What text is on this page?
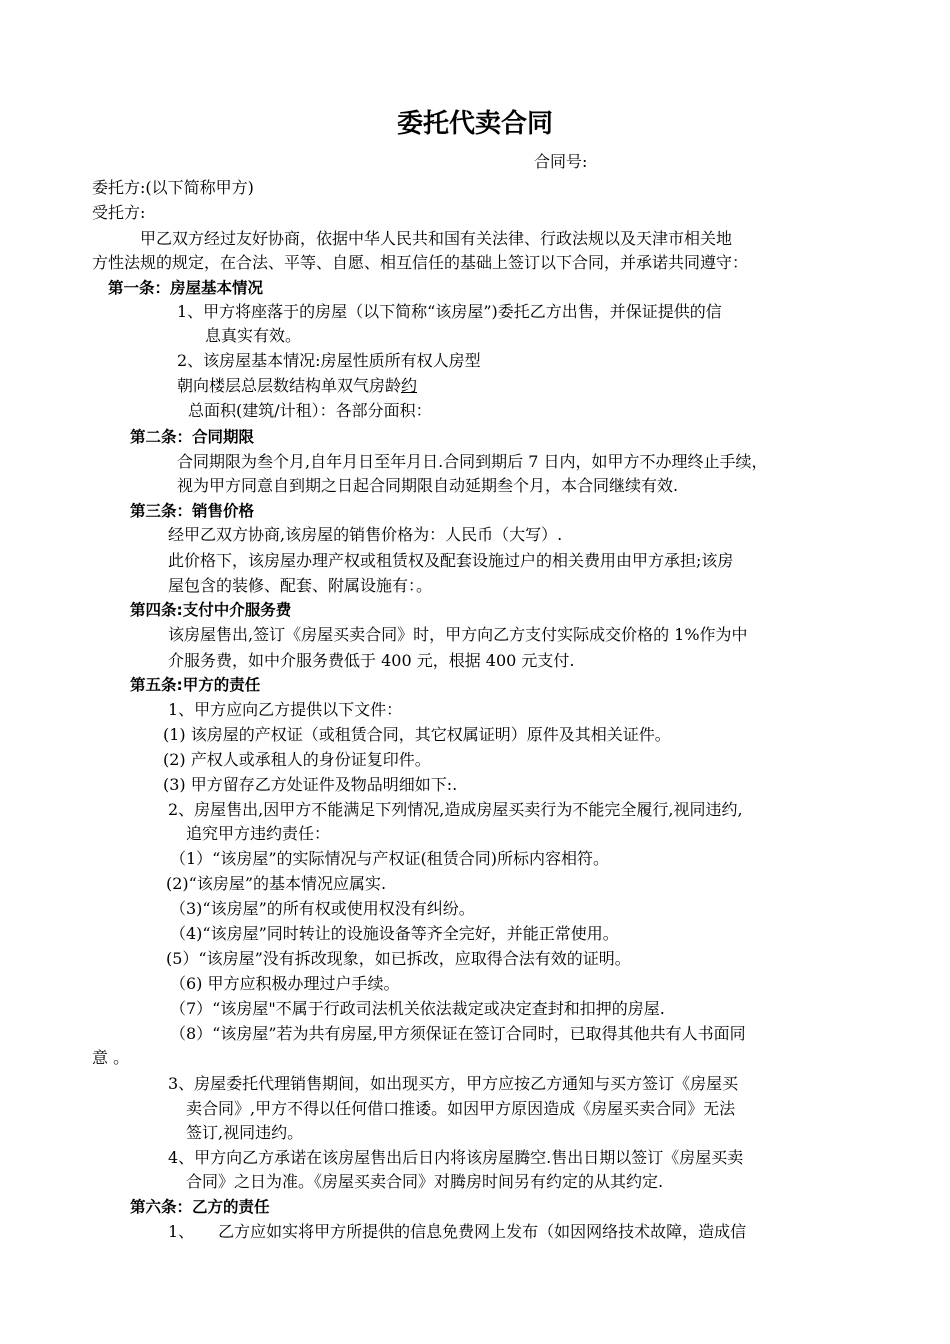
委托代卖合同
合同号:
委托方:(以下简称甲方)
受托方:
甲乙双方经过友好协商，依据中华人民共和国有关法律、行政法规以及天津市相关地
方性法规的规定，在合法、平等、自愿、相互信任的基础上签订以下合同，并承诺共同遵守：
第一条：房屋基本情况
1、甲方将座落于的房屋（以下简称“该房屋”)委托乙方出售，并保证提供的信
息真实有效。
2、该房屋基本情况:房屋性质所有权人房型
朝向楼层总层数结构单双气房龄约
总面积(建筑/计租）：各部分面积：
第二条：合同期限
合同期限为叁个月,自年月日至年月日.合同到期后 7 日内，如甲方不办理终止手续，
视为甲方同意自到期之日起合同期限自动延期叁个月，本合同继续有效.
第三条：销售价格
经甲乙双方协商,该房屋的销售价格为：人民币（大写）.
此价格下，该房屋办理产权或租赁权及配套设施过户的相关费用由甲方承担;该房
屋包含的装修、配套、附属设施有：。
第四条:支付中介服务费
该房屋售出,签订《房屋买卖合同》时，甲方向乙方支付实际成交价格的 1%作为中
介服务费，如中介服务费低于 400 元，根据 400 元支付.
第五条:甲方的责任
1、甲方应向乙方提供以下文件：
(1) 该房屋的产权证（或租赁合同，其它权属证明）原件及其相关证件。
(2) 产权人或承租人的身份证复印件。
(3) 甲方留存乙方处证件及物品明细如下:.
2、房屋售出,因甲方不能满足下列情况,造成房屋买卖行为不能完全履行,视同违约,
追究甲方违约责任：
（1）“该房屋”的实际情况与产权证(租赁合同)所标内容相符。
(2)“该房屋”的基本情况应属实.
（3)“该房屋”的所有权或使用权没有纠纷。
（4)“该房屋”同时转让的设施设备等齐全完好，并能正常使用。
(5）“该房屋”没有拆改现象，如已拆改，应取得合法有效的证明。
（6) 甲方应积极办理过户手续。
（7）“该房屋"不属于行政司法机关依法裁定或决定查封和扣押的房屋.
（8）“该房屋”若为共有房屋,甲方须保证在签订合同时，已取得其他共有人书面同
意 。
3、房屋委托代理销售期间，如出现买方，甲方应按乙方通知与买方签订《房屋买
卖合同》,甲方不得以任何借口推诿。如因甲方原因造成《房屋买卖合同》无法
签订,视同违约。
4、甲方向乙方承诺在该房屋售出后日内将该房屋腾空.售出日期以签订《房屋买卖
合同》之日为准。《房屋买卖合同》对腾房时间另有约定的从其约定.
第六条：乙方的责任
1、　　乙方应如实将甲方所提供的信息免费网上发布（如因网络技术故障，造成信
